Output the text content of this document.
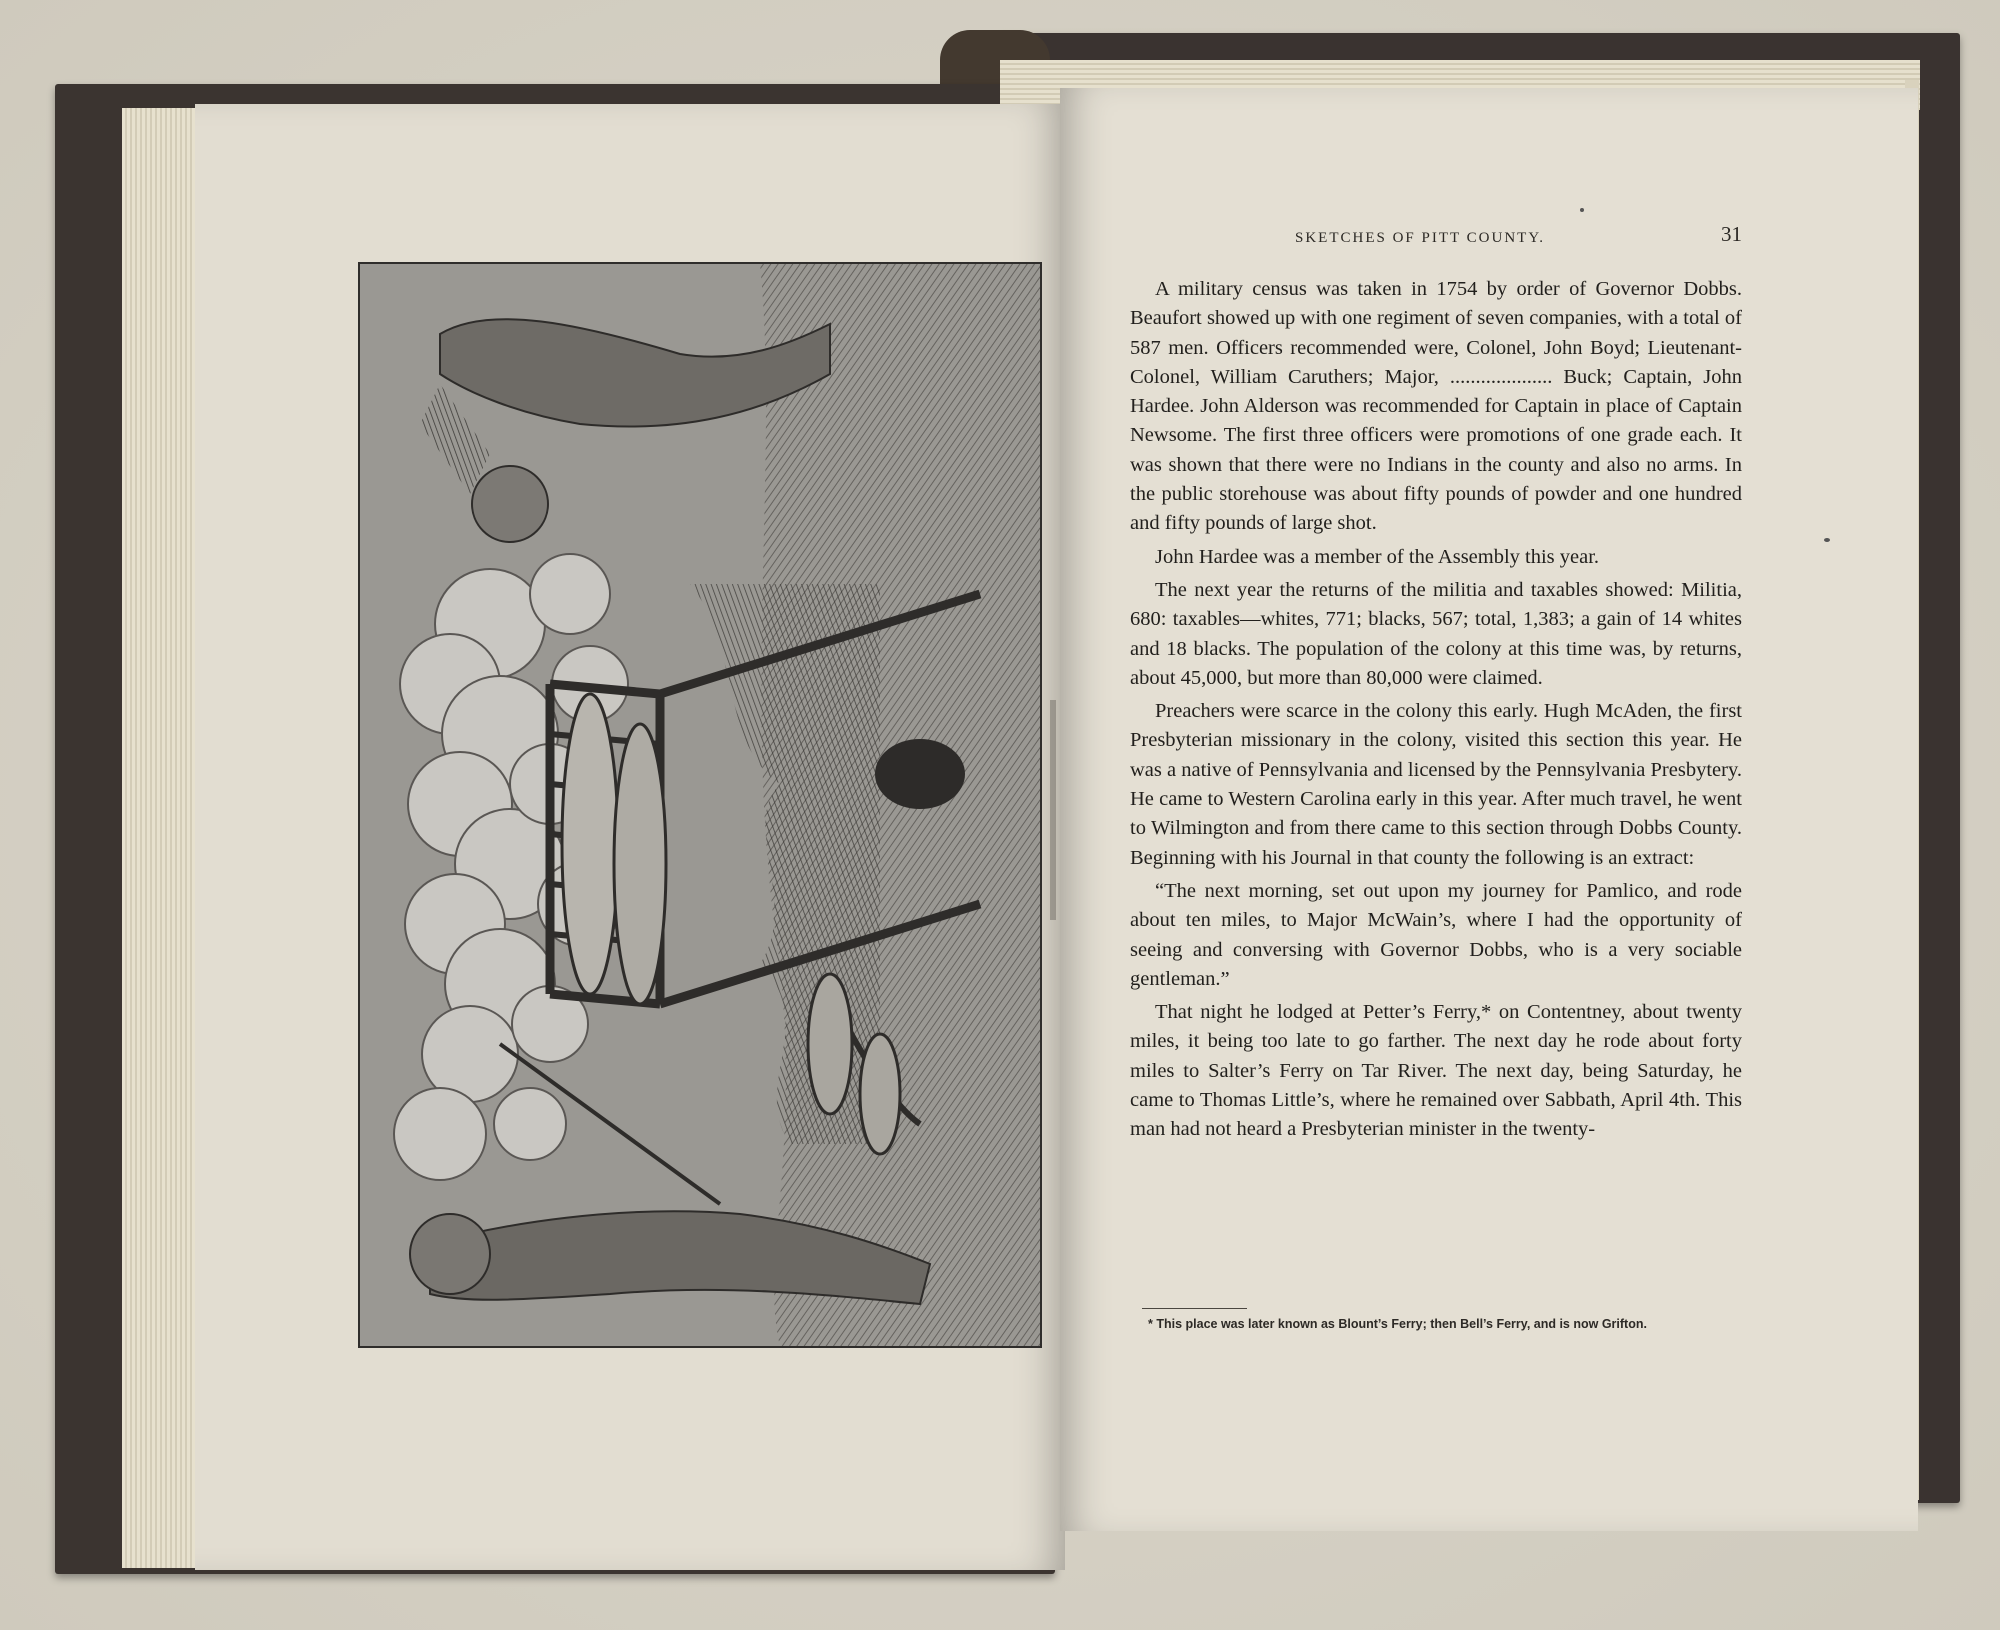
SKETCHES OF PITT COUNTY.	31

A military census was taken in 1754 by order of Governor Dobbs. Beaufort showed up with one regiment of seven companies, with a total of 587 men. Officers recommended were, Colonel, John Boyd; Lieutenant-Colonel, William Caruthers; Major, .................... Buck; Captain, John Hardee. John Alderson was recommended for Captain in place of Captain Newsome. The first three officers were promotions of one grade each. It was shown that there were no Indians in the county and also no arms. In the public storehouse was about fifty pounds of powder and one hundred and fifty pounds of large shot.

John Hardee was a member of the Assembly this year.

The next year the returns of the militia and taxables showed: Militia, 680: taxables—whites, 771; blacks, 567; total, 1,383; a gain of 14 whites and 18 blacks. The population of the colony at this time was, by returns, about 45,000, but more than 80,000 were claimed.

Preachers were scarce in the colony this early. Hugh McAden, the first Presbyterian missionary in the colony, visited this section this year. He was a native of Pennsylvania and licensed by the Pennsylvania Presbytery. He came to Western Carolina early in this year. After much travel, he went to Wilmington and from there came to this section through Dobbs County. Beginning with his Journal in that county the following is an extract:

“The next morning, set out upon my journey for Pamlico, and rode about ten miles, to Major McWain’s, where I had the opportunity of seeing and conversing with Governor Dobbs, who is a very sociable gentleman.”

That night he lodged at Petter’s Ferry,* on Contentney, about twenty miles, it being too late to go farther. The next day he rode about forty miles to Salter’s Ferry on Tar River. The next day, being Saturday, he came to Thomas Little’s, where he remained over Sabbath, April 4th. This man had not heard a Presbyterian minister in the twenty-

* This place was later known as Blount’s Ferry; then Bell’s Ferry, and is now Grifton.
